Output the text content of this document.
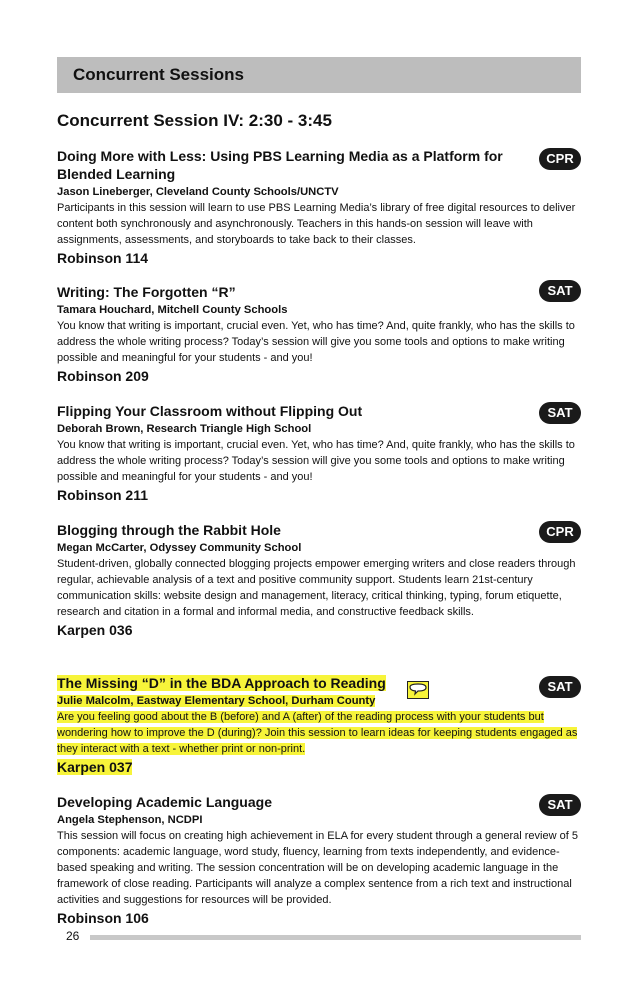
Concurrent Sessions
Concurrent Session IV: 2:30 - 3:45
Doing More with Less: Using PBS Learning Media as a Platform for Blended Learning
CPR
Jason Lineberger, Cleveland County Schools/UNCTV
Participants in this session will learn to use PBS Learning Media’s library of free digital resources to deliver content both synchronously and asynchronously. Teachers in this hands-on session will leave with assignments, assessments, and storyboards to take back to their classes.
Robinson 114
Writing: The Forgotten “R”	SAT
Tamara Houchard, Mitchell County Schools
You know that writing is important, crucial even. Yet, who has time? And, quite frankly, who has the skills to address the whole writing process? Today’s session will give you some tools and options to make writing possible and meaningful for your students - and you!
Robinson 209
Flipping Your Classroom without Flipping Out	SAT
Deborah Brown, Research Triangle High School
You know that writing is important, crucial even. Yet, who has time? And, quite frankly, who has the skills to address the whole writing process? Today’s session will give you some tools and options to make writing possible and meaningful for your students - and you!
Robinson 211
Blogging through the Rabbit Hole	CPR
Megan McCarter, Odyssey Community School
Student-driven, globally connected blogging projects empower emerging writers and close readers through regular, achievable analysis of a text and positive community support. Students learn 21st-century communication skills: website design and management, literacy, critical thinking, typing, forum etiquette, research and citation in a formal and informal media, and constructive feedback skills.
Karpen 036
The Missing “D” in the BDA Approach to Reading	SAT
Julie Malcolm, Eastway Elementary School, Durham County
Are you feeling good about the B (before) and A (after) of the reading process with your students but wondering how to improve the D (during)? Join this session to learn ideas for keeping students engaged as they interact with a text - whether print or non-print.
Karpen 037
Developing Academic Language	SAT
Angela Stephenson, NCDPI
This session will focus on creating high achievement in ELA for every student through a general review of 5 components: academic language, word study, fluency, learning from texts independently, and evidence-based speaking and writing. The session concentration will be on developing academic language in the framework of close reading. Participants will analyze a complex sentence from a rich text and instructional activities and suggestions for resources will be provided.
Robinson 106
26
